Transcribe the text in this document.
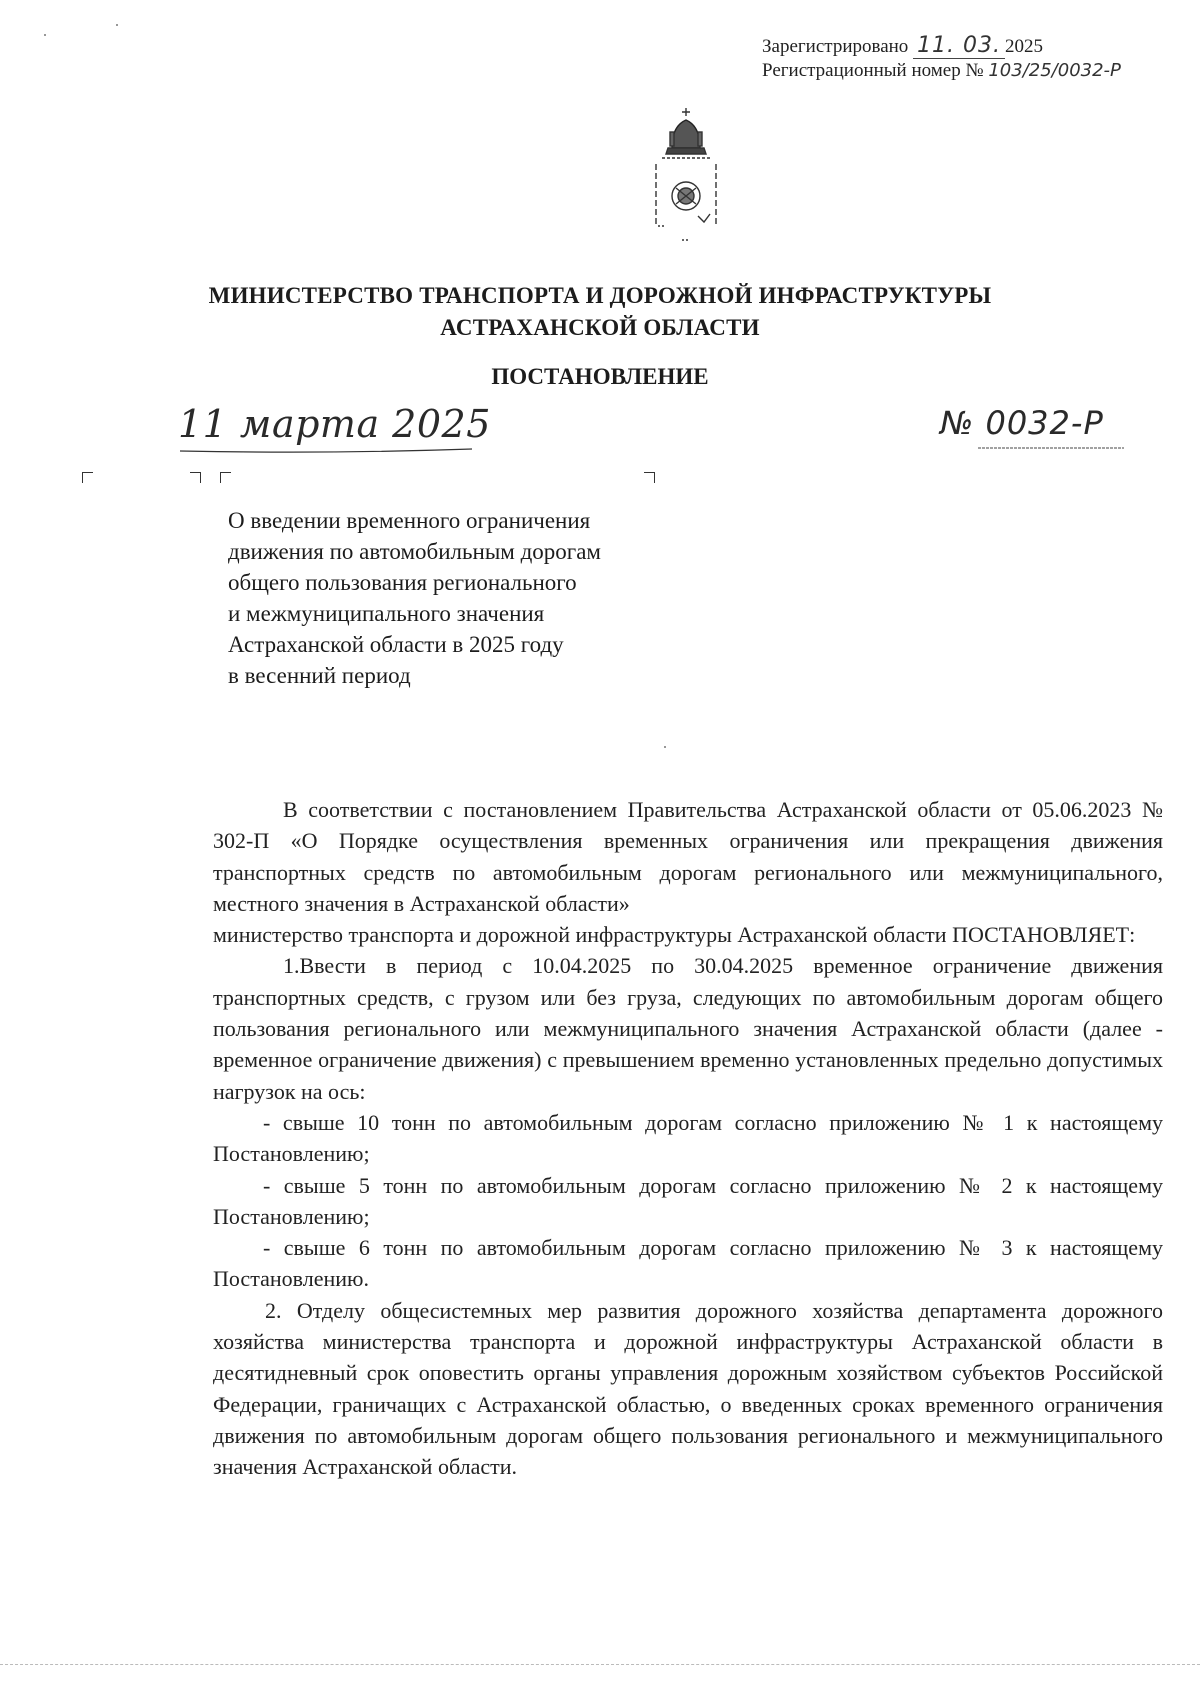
Зарегистрировано 11. 03. 2025
Регистрационный номер № 103/25/0032-Р
МИНИСТЕРСТВО ТРАНСПОРТА И ДОРОЖНОЙ ИНФРАСТРУКТУРЫ
АСТРАХАНСКОЙ ОБЛАСТИ
ПОСТАНОВЛЕНИЕ
11 марта 2025	№ 0032-Р
О введении временного ограничения
движения по автомобильным дорогам
общего пользования регионального
и межмуниципального значения
Астраханской области в 2025 году
в весенний период

В соответствии с постановлением Правительства Астраханской области от 05.06.2023 № 302-П «О Порядке осуществления временных ограничения или прекращения движения транспортных средств по автомобильным дорогам регионального или межмуниципального, местного значения в Астраханской области»

министерство транспорта и дорожной инфраструктуры Астраханской области ПОСТАНОВЛЯЕТ:

1.Ввести в период с 10.04.2025 по 30.04.2025 временное ограничение движения транспортных средств, с грузом или без груза, следующих по автомобильным дорогам общего пользования регионального или межмуниципального значения Астраханской области (далее - временное ограничение движения) с превышением временно установленных предельно допустимых нагрузок на ось:

- свыше 10 тонн по автомобильным дорогам согласно приложению № 1 к настоящему Постановлению;

- свыше 5 тонн по автомобильным дорогам согласно приложению № 2 к настоящему Постановлению;

- свыше 6 тонн по автомобильным дорогам согласно приложению № 3 к настоящему Постановлению.

2. Отделу общесистемных мер развития дорожного хозяйства департамента дорожного хозяйства министерства транспорта и дорожной инфраструктуры Астраханской области в десятидневный срок оповестить органы управления дорожным хозяйством субъектов Российской Федерации, граничащих с Астраханской областью, о введенных сроках временного ограничения движения по автомобильным дорогам общего пользования регионального и межмуниципального значения Астраханской области.
